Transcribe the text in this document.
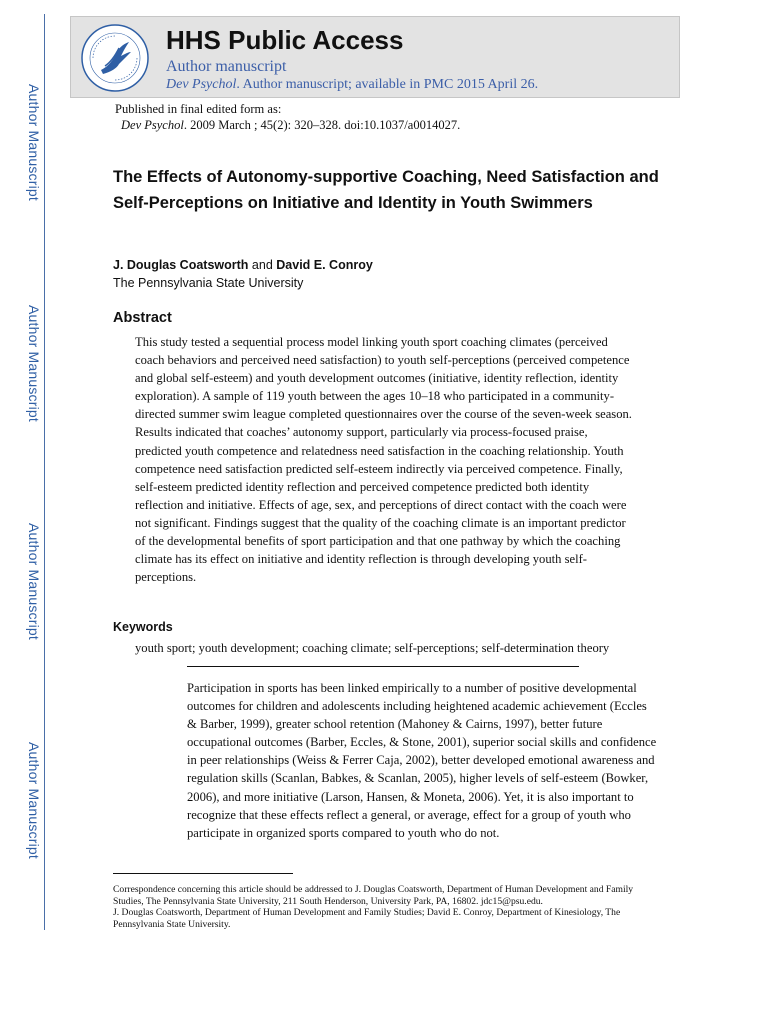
Author Manuscript
Author Manuscript
Author Manuscript
Author Manuscript
HHS Public Access
Author manuscript
Dev Psychol. Author manuscript; available in PMC 2015 April 26.
Published in final edited form as:
Dev Psychol. 2009 March ; 45(2): 320–328. doi:10.1037/a0014027.
The Effects of Autonomy-supportive Coaching, Need Satisfaction and Self-Perceptions on Initiative and Identity in Youth Swimmers
J. Douglas Coatsworth and David E. Conroy
The Pennsylvania State University
Abstract

This study tested a sequential process model linking youth sport coaching climates (perceived coach behaviors and perceived need satisfaction) to youth self-perceptions (perceived competence and global self-esteem) and youth development outcomes (initiative, identity reflection, identity exploration). A sample of 119 youth between the ages 10–18 who participated in a community-directed summer swim league completed questionnaires over the course of the seven-week season. Results indicated that coaches’ autonomy support, particularly via process-focused praise, predicted youth competence and relatedness need satisfaction in the coaching relationship. Youth competence need satisfaction predicted self-esteem indirectly via perceived competence. Finally, self-esteem predicted identity reflection and perceived competence predicted both identity reflection and initiative. Effects of age, sex, and perceptions of direct contact with the coach were not significant. Findings suggest that the quality of the coaching climate is an important predictor of the developmental benefits of sport participation and that one pathway by which the coaching climate has its effect on initiative and identity reflection is through developing youth self-perceptions.

Keywords

youth sport; youth development; coaching climate; self-perceptions; self-determination theory

Participation in sports has been linked empirically to a number of positive developmental outcomes for children and adolescents including heightened academic achievement (Eccles & Barber, 1999), greater school retention (Mahoney & Cairns, 1997), better future occupational outcomes (Barber, Eccles, & Stone, 2001), superior social skills and confidence in peer relationships (Weiss & Ferrer Caja, 2002), better developed emotional awareness and regulation skills (Scanlan, Babkes, & Scanlan, 2005), higher levels of self-esteem (Bowker, 2006), and more initiative (Larson, Hansen, & Moneta, 2006). Yet, it is also important to recognize that these effects reflect a general, or average, effect for a group of youth who participate in organized sports compared to youth who do not.

Correspondence concerning this article should be addressed to J. Douglas Coatsworth, Department of Human Development and Family Studies, The Pennsylvania State University, 211 South Henderson, University Park, PA, 16802. jdc15@psu.edu.

J. Douglas Coatsworth, Department of Human Development and Family Studies; David E. Conroy, Department of Kinesiology, The Pennsylvania State University.
